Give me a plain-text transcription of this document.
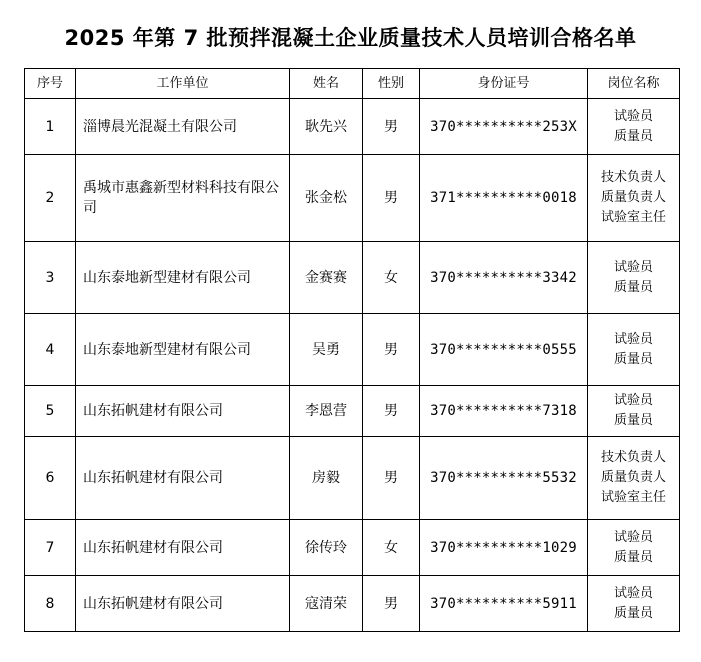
2025 年第 7 批预拌混凝土企业质量技术人员培训合格名单
序号	工作单位	姓名	性别	身份证号	岗位名称
1	淄博晨光混凝土有限公司	耿先兴	男	370**********253X	试验员
质量员

2	禹城市惠鑫新型材料科技有限公司	张金松	男	371**********0018	技术负责人
质量负责人
试验室主任

3	山东泰地新型建材有限公司	金赛赛	女	370**********3342	试验员
质量员

4	山东泰地新型建材有限公司	吴勇	男	370**********0555	试验员
质量员

5	山东拓帆建材有限公司	李恩营	男	370**********7318	试验员
质量员

6	山东拓帆建材有限公司	房毅	男	370**********5532	技术负责人
质量负责人
试验室主任

7	山东拓帆建材有限公司	徐传玲	女	370**********1029	试验员
质量员

8	山东拓帆建材有限公司	寇清荣	男	370**********5911	试验员
质量员
